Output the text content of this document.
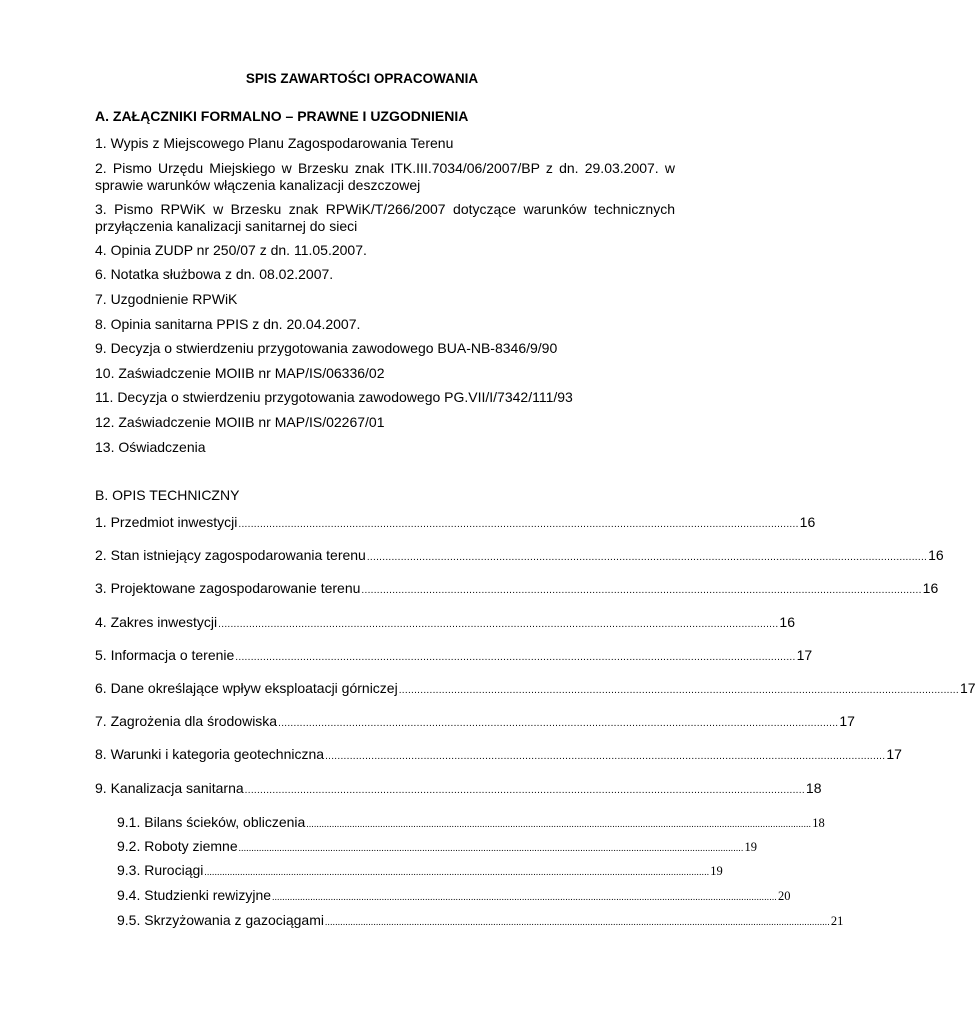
SPIS ZAWARTOŚCI OPRACOWANIA
A. ZAŁĄCZNIKI FORMALNO – PRAWNE I UZGODNIENIA
1. Wypis z Miejscowego Planu Zagospodarowania Terenu
2. Pismo Urzędu Miejskiego w Brzesku znak ITK.III.7034/06/2007/BP z dn. 29.03.2007. w sprawie warunków włączenia kanalizacji deszczowej
3. Pismo RPWiK w Brzesku znak RPWiK/T/266/2007 dotyczące warunków technicznych przyłączenia kanalizacji sanitarnej do sieci
4. Opinia ZUDP nr 250/07 z dn. 11.05.2007.
6. Notatka służbowa z dn. 08.02.2007.
7. Uzgodnienie RPWiK
8. Opinia sanitarna PPIS z dn. 20.04.2007.
9. Decyzja o stwierdzeniu przygotowania zawodowego BUA-NB-8346/9/90
10. Zaświadczenie MOIIB nr MAP/IS/06336/02
11. Decyzja o stwierdzeniu przygotowania zawodowego PG.VII/I/7342/111/93
12. Zaświadczenie MOIIB nr MAP/IS/02267/01
13. Oświadczenia
B. OPIS TECHNICZNY
1. Przedmiot inwestycji ...................................................................................................................................................................................... 16
2. Stan istniejący zagospodarowania terenu ...................................................................................................................................................................................... 16
3. Projektowane zagospodarowanie terenu ...................................................................................................................................................................................... 16
4. Zakres inwestycji ...................................................................................................................................................................................... 16
5. Informacja o terenie ...................................................................................................................................................................................... 17
6. Dane określające wpływ eksploatacji górniczej ...................................................................................................................................................................................... 17
7. Zagrożenia dla środowiska ...................................................................................................................................................................................... 17
8. Warunki i kategoria geotechniczna ...................................................................................................................................................................................... 17
9. Kanalizacja sanitarna ...................................................................................................................................................................................... 18
9.1. Bilans ścieków, obliczenia ...................................................................................................................................................................................................... 18
9.2. Roboty ziemne ...................................................................................................................................................................................................... 19
9.3. Rurociągi ...................................................................................................................................................................................................... 19
9.4. Studzienki rewizyjne ...................................................................................................................................................................................................... 20
9.5. Skrzyżowania z gazociągami ...................................................................................................................................................................................................... 21
